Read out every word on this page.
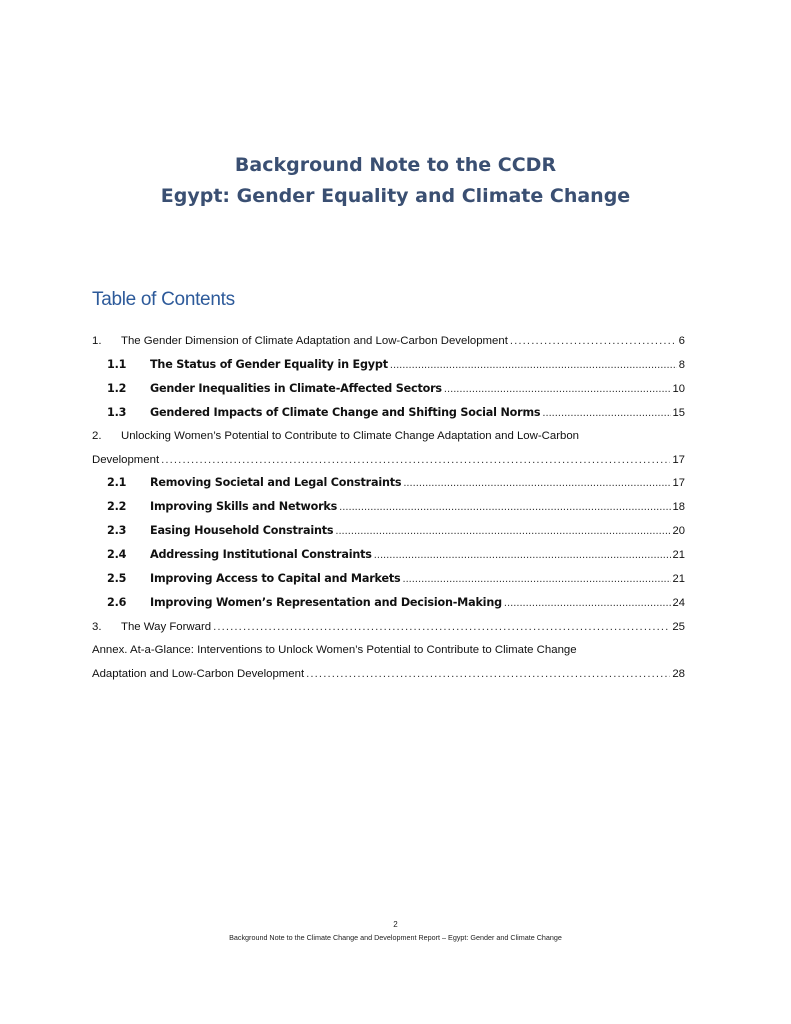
Background Note to the CCDR
Egypt: Gender Equality and Climate Change
Table of Contents
1.	The Gender Dimension of Climate Adaptation and Low-Carbon Development .....	6
1.1	The Status of Gender Equality in Egypt .....	8
1.2	Gender Inequalities in Climate-Affected Sectors .....	10
1.3	Gendered Impacts of Climate Change and Shifting Social Norms .....	15
2.	Unlocking Women’s Potential to Contribute to Climate Change Adaptation and Low-Carbon
Development .....	17
2.1	Removing Societal and Legal Constraints .....	17
2.2	Improving Skills and Networks .....	18
2.3	Easing Household Constraints .....	20
2.4	Addressing Institutional Constraints .....	21
2.5	Improving Access to Capital and Markets .....	21
2.6	Improving Women’s Representation and Decision-Making .....	24
3.	The Way Forward .....	25
Annex. At-a-Glance: Interventions to Unlock Women’s Potential to Contribute to Climate Change
Adaptation and Low-Carbon Development .....	28
2
Background Note to the Climate Change and Development Report – Egypt: Gender and Climate Change
